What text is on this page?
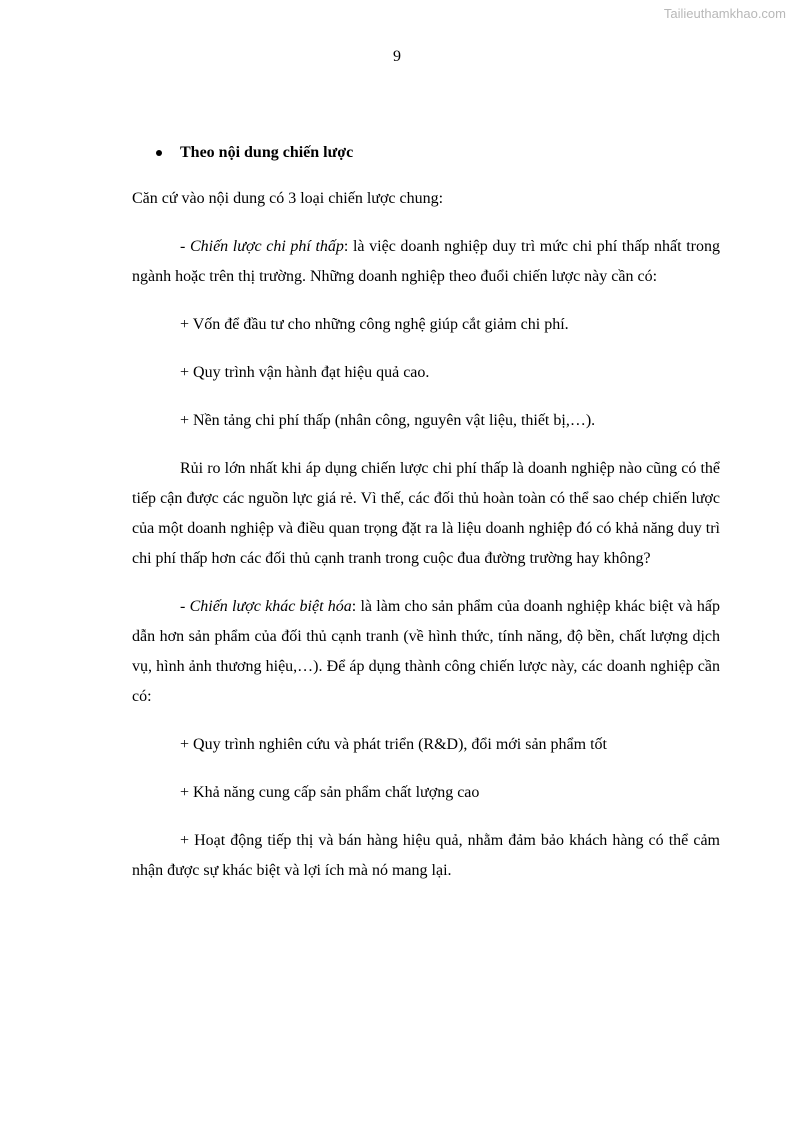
Tailieuthamkhao.com
9
Theo nội dung chiến lược

Căn cứ vào nội dung có 3 loại chiến lược chung:

- Chiến lược chi phí thấp: là việc doanh nghiệp duy trì mức chi phí thấp nhất trong ngành hoặc trên thị trường. Những doanh nghiệp theo đuổi chiến lược này cần có:

+ Vốn để đầu tư cho những công nghệ giúp cắt giảm chi phí.

+ Quy trình vận hành đạt hiệu quả cao.

+ Nền tảng chi phí thấp (nhân công, nguyên vật liệu, thiết bị,…).

Rủi ro lớn nhất khi áp dụng chiến lược chi phí thấp là doanh nghiệp nào cũng có thể tiếp cận được các nguồn lực giá rẻ. Vì thế, các đối thủ hoàn toàn có thể sao chép chiến lược của một doanh nghiệp và điều quan trọng đặt ra là liệu doanh nghiệp đó có khả năng duy trì chi phí thấp hơn các đối thủ cạnh tranh trong cuộc đua đường trường hay không?

- Chiến lược khác biệt hóa: là làm cho sản phẩm của doanh nghiệp khác biệt và hấp dẫn hơn sản phẩm của đối thủ cạnh tranh (về hình thức, tính năng, độ bền, chất lượng dịch vụ, hình ảnh thương hiệu,…). Để áp dụng thành công chiến lược này, các doanh nghiệp cần có:

+ Quy trình nghiên cứu và phát triển (R&D), đổi mới sản phẩm tốt

+ Khả năng cung cấp sản phẩm chất lượng cao

+ Hoạt động tiếp thị và bán hàng hiệu quả, nhằm đảm bảo khách hàng có thể cảm nhận được sự khác biệt và lợi ích mà nó mang lại.
